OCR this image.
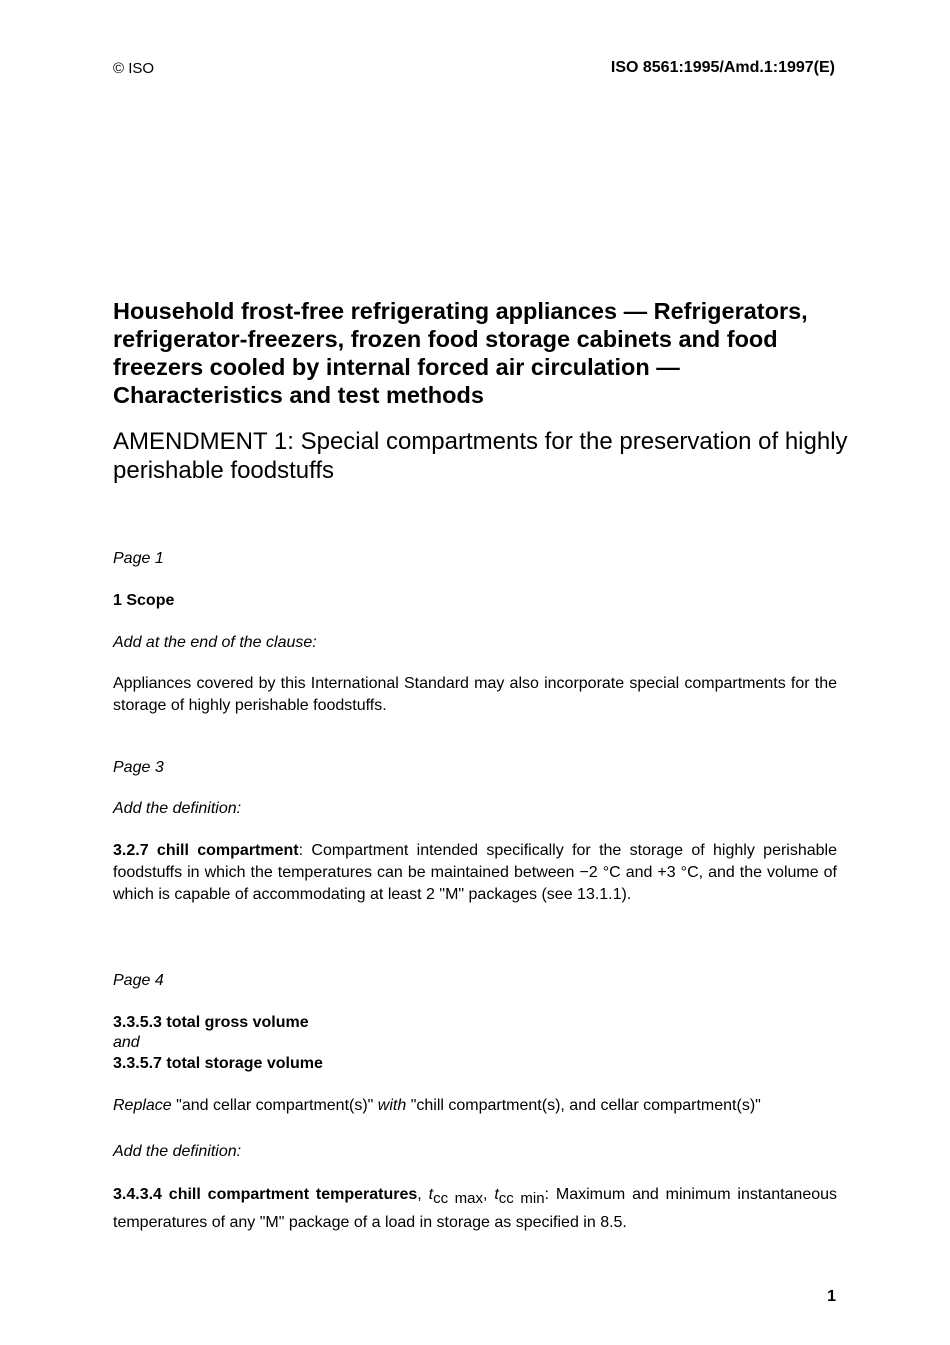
© ISO	ISO 8561:1995/Amd.1:1997(E)
Household frost-free refrigerating appliances — Refrigerators, refrigerator-freezers, frozen food storage cabinets and food freezers cooled by internal forced air circulation — Characteristics and test methods
AMENDMENT 1: Special compartments for the preservation of highly perishable foodstuffs
Page 1
1 Scope
Add at the end of the clause:
Appliances covered by this International Standard may also incorporate special compartments for the storage of highly perishable foodstuffs.
Page 3
Add the definition:
3.2.7 chill compartment: Compartment intended specifically for the storage of highly perishable foodstuffs in which the temperatures can be maintained between −2 °C and +3 °C, and the volume of which is capable of accommodating at least 2 "M" packages (see 13.1.1).
Page 4
3.3.5.3 total gross volume
and
3.3.5.7 total storage volume
Replace "and cellar compartment(s)" with "chill compartment(s), and cellar compartment(s)"
Add the definition:
3.4.3.4 chill compartment temperatures, tcc max, tcc min: Maximum and minimum instantaneous temperatures of any "M" package of a load in storage as specified in 8.5.
1
